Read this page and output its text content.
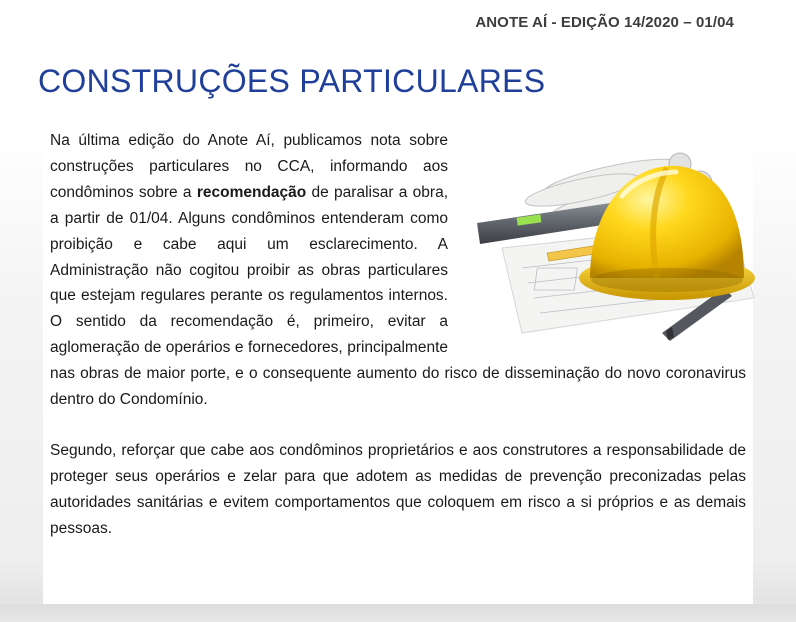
ANOTE AÍ - EDIÇÃO 14/2020 – 01/04
CONSTRUÇÕES PARTICULARES

Na última edição do Anote Aí, publicamos nota sobre construções particulares no CCA, informando aos condôminos sobre a recomendação de paralisar a obra, a partir de 01/04. Alguns condôminos entenderam como proibição e cabe aqui um esclarecimento. A Administração não cogitou proibir as obras particulares que estejam regulares perante os regulamentos internos. O sentido da recomendação é, primeiro, evitar a aglomeração de operários e fornecedores, principalmente nas obras de maior porte, e o consequente aumento do risco de disseminação do novo coronavirus dentro do Condomínio.

Segundo, reforçar que cabe aos condôminos proprietários e aos construtores a responsabilidade de proteger seus operários e zelar para que adotem as medidas de prevenção preconizadas pelas autoridades sanitárias e evitem comportamentos que coloquem em risco a si próprios e as demais pessoas.
